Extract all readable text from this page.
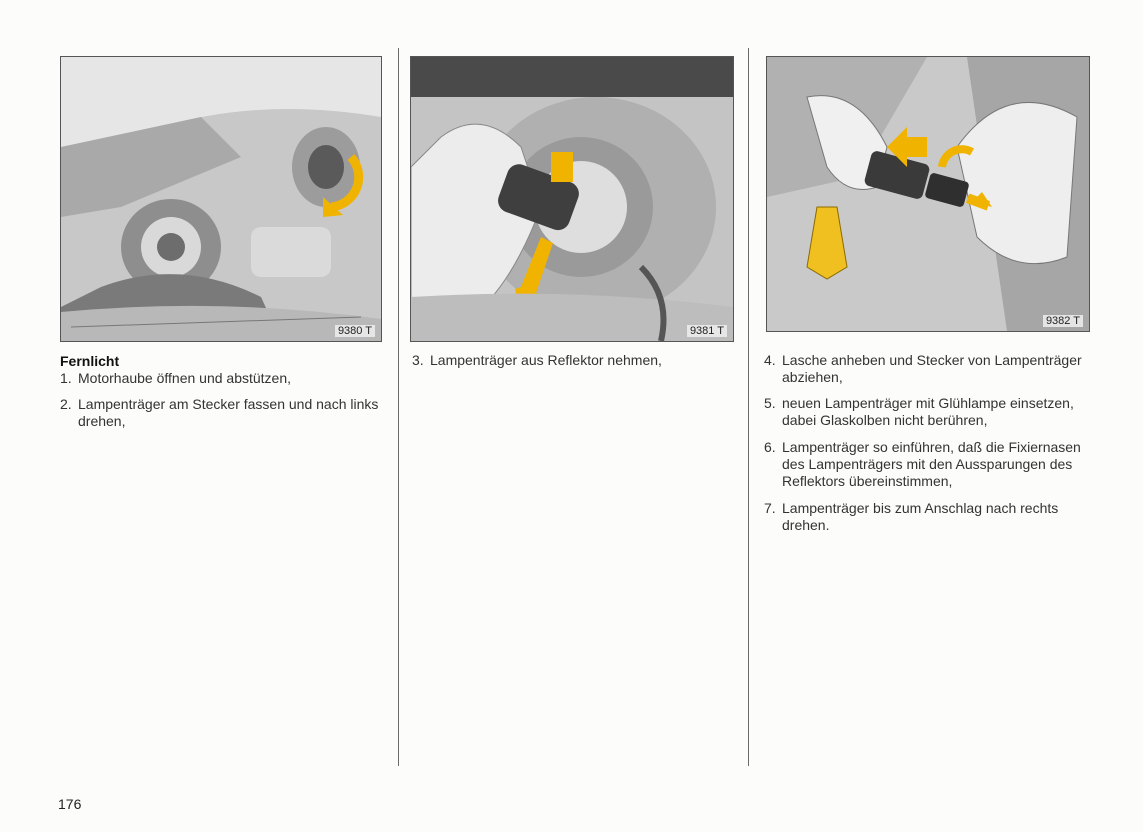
9380 T	9381 T
9382 T
Fernlicht
1. Motorhaube öffnen und abstützen,
2. Lampenträger am Stecker fassen und nach links drehen,
3. Lampenträger aus Reflektor nehmen,	4. Lasche anheben und Stecker von Lampenträger abziehen,
5. neuen Lampenträger mit Glühlampe einsetzen, dabei Glaskolben nicht berühren,
6. Lampenträger so einführen, daß die Fixiernasen des Lampenträgers mit den Aussparungen des Reflektors übereinstimmen,
7. Lampenträger bis zum Anschlag nach rechts drehen.
176
